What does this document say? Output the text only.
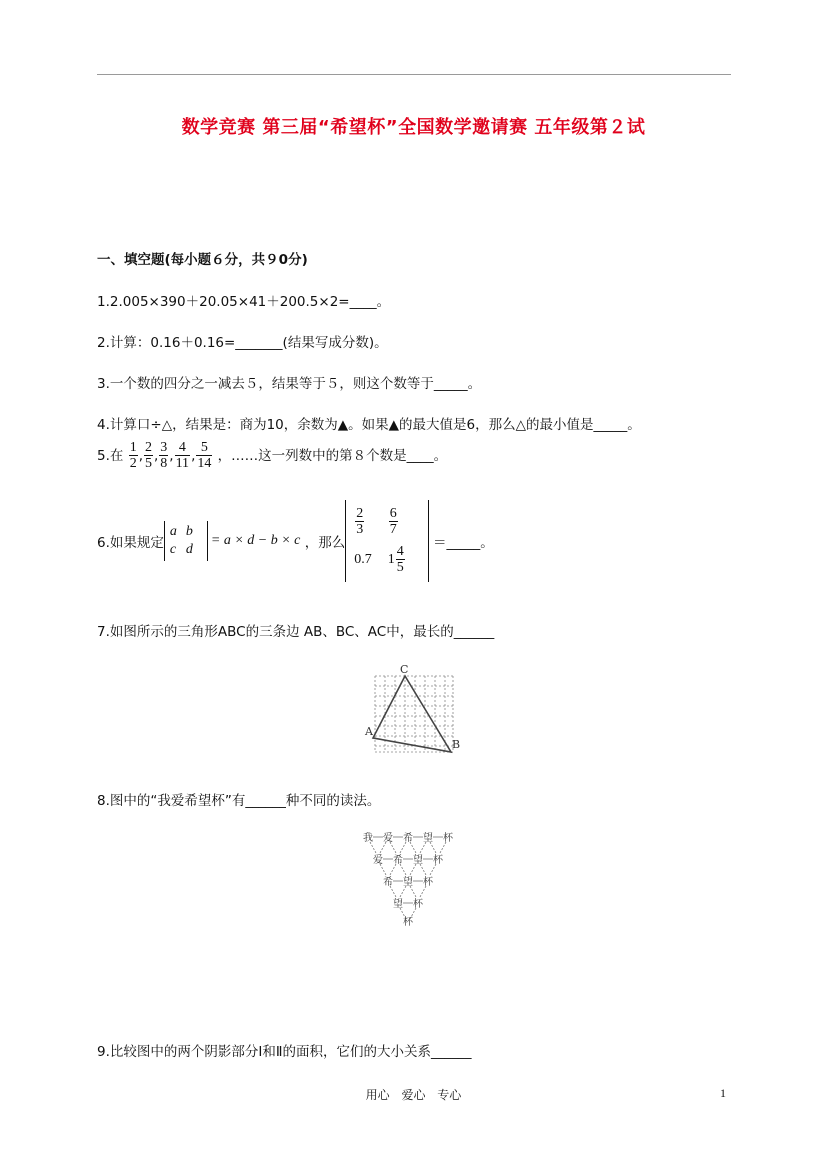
数学竞赛 第三届“希望杯”全国数学邀请赛 五年级第２试
一、填空题(每小题６分，共９0分)
1.2.005×390＋20.05×41＋200.5×2=____。
2.计算：0.16＋0.16=_______(结果写成分数)。
3.一个数的四分之一减去５，结果等于５，则这个数等于_____。
4.计算口÷△，结果是：商为10，余数为▲。如果▲的最大值是6，那么△的最小值是_____。
5.在 $\frac{1}{2}$ , $\frac{2}{5}$ , $\frac{3}{8}$ , $\frac{4}{11}$ , $\frac{5}{14}$ ，……这一列数中的第８个数是____。
6.如果规定
a	b
c	d
= a × d − b × c ，那么
$\frac{2}{3}$	$\frac{6}{7}$

0.7	$1 \frac{4}{5}$
＝_____。
7.如图所示的三角形ABC的三条边 AB、BC、AC中，最长的______
C
A
B
8.图中的“我爱希望杯”有______种不同的读法。
我 爱 希 望 杯
爱 希 望 杯
希 望 杯
望 杯
杯
9.比较图中的两个阴影部分Ⅰ和Ⅱ的面积，它们的大小关系______
用心 爱心 专心	1
